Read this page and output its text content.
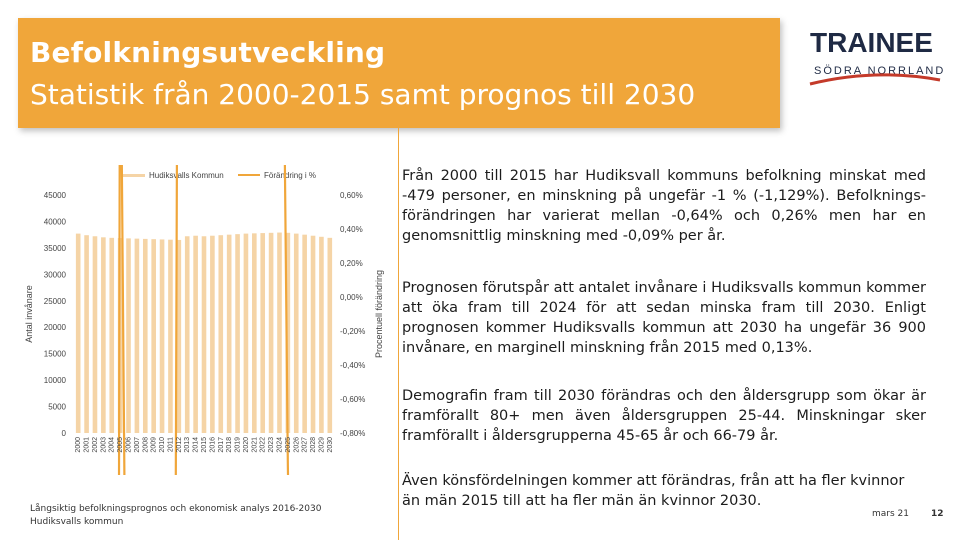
Befolkningsutveckling
Statistik från 2000-2015 samt prognos till 2030
TRAINEE
SÖDRA NORRLAND
Hudiksvalls Kommun	Förändring i %
45000
40000
35000
30000
25000
20000
15000
10000
5000
0
0,60%
0,40%
0,20%
0,00%
-0,20%
-0,40%
-0,60%
-0,80%
Antal invånare	Procentuell förändring
2000 2001 2002 2003 2004 2005 2006 2007 2008 2009 2010 2011 2012 2013 2014 2015 2016 2017 2018 2019 2020 2021 2022 2023 2024 2025 2026 2027 2028 2029 2030
Från 2000 till 2015 har Hudiksvall kommuns befolkning minskat med -479 personer, en minskning på ungefär -1 % (-1,129%). Befolknings-förändringen har varierat mellan -0,64% och 0,26% men har en genomsnittlig minskning med -0,09% per år.
Prognosen förutspår att antalet invånare i Hudiksvalls kommun kommer att öka fram till 2024 för att sedan minska fram till 2030. Enligt prognosen kommer Hudiksvalls kommun att 2030 ha ungefär 36 900 invånare, en marginell minskning från 2015 med 0,13%.
Demografin fram till 2030 förändras och den åldersgrupp som ökar är framförallt 80+ men även åldersgruppen 25-44. Minskningar sker framförallt i åldersgrupperna 45-65 år och 66-79 år.
Även könsfördelningen kommer att förändras, från att ha fler kvinnor än män 2015 till att ha fler män än kvinnor 2030.
Långsiktig befolkningsprognos och ekonomisk analys 2016-2030
Hudiksvalls kommun
mars 21 12
